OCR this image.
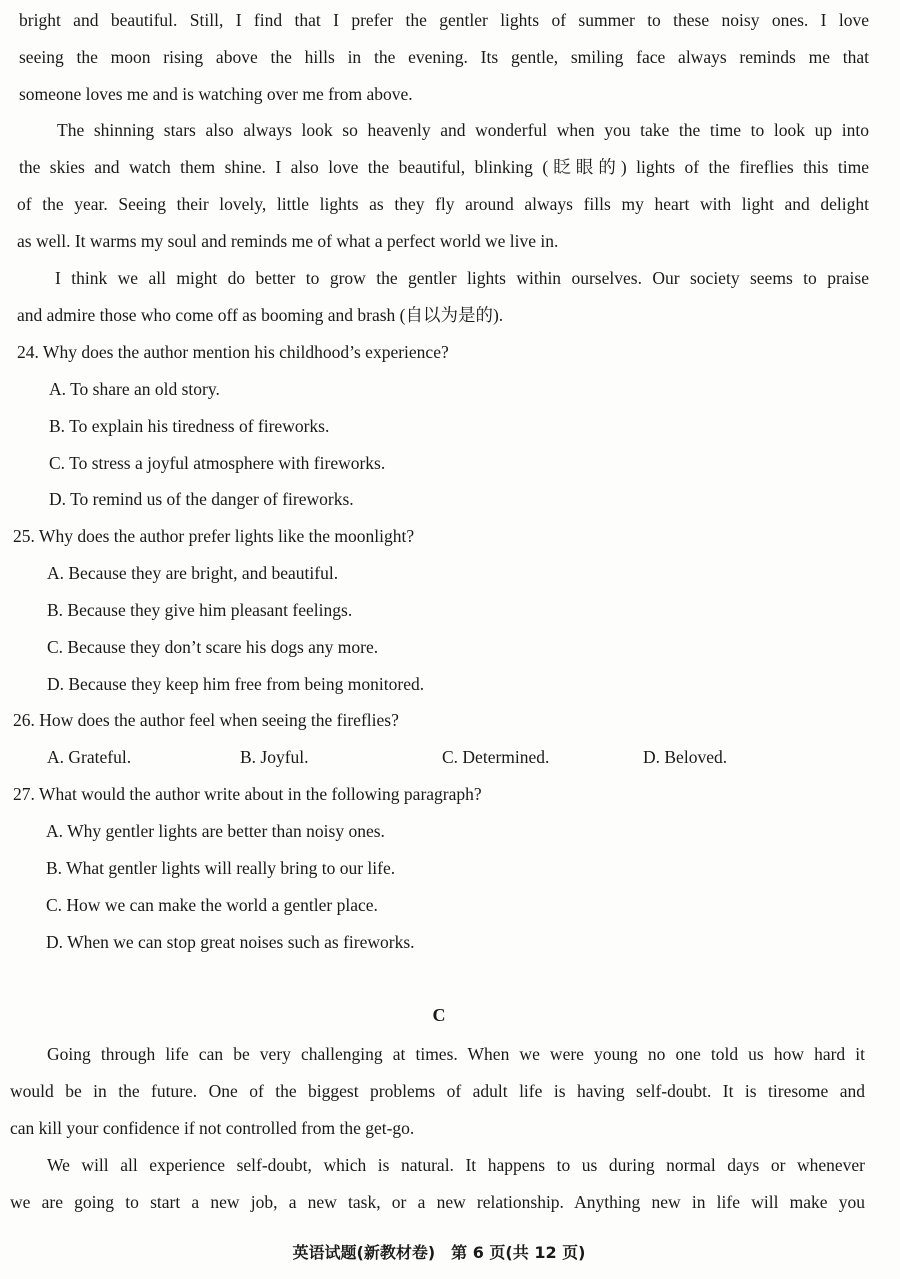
bright and beautiful. Still, I find that I prefer the gentler lights of summer to these noisy ones. I love
seeing the moon rising above the hills in the evening. Its gentle, smiling face always reminds me that
someone loves me and is watching over me from above.
The shinning stars also always look so heavenly and wonderful when you take the time to look up into
the skies and watch them shine. I also love the beautiful, blinking (眨眼的) lights of the fireflies this time
of the year. Seeing their lovely, little lights as they fly around always fills my heart with light and delight
as well. It warms my soul and reminds me of what a perfect world we live in.
I think we all might do better to grow the gentler lights within ourselves. Our society seems to praise
and admire those who come off as booming and brash (自以为是的).
24. Why does the author mention his childhood’s experience?
A. To share an old story.
B. To explain his tiredness of fireworks.
C. To stress a joyful atmosphere with fireworks.
D. To remind us of the danger of fireworks.
25. Why does the author prefer lights like the moonlight?
A. Because they are bright, and beautiful.
B. Because they give him pleasant feelings.
C. Because they don’t scare his dogs any more.
D. Because they keep him free from being monitored.
26. How does the author feel when seeing the fireflies?
A. Grateful.	B. Joyful.	C. Determined.	D. Beloved.
27. What would the author write about in the following paragraph?
A. Why gentler lights are better than noisy ones.
B. What gentler lights will really bring to our life.
C. How we can make the world a gentler place.
D. When we can stop great noises such as fireworks.
C
Going through life can be very challenging at times. When we were young no one told us how hard it
would be in the future. One of the biggest problems of adult life is having self-doubt. It is tiresome and
can kill your confidence if not controlled from the get-go.
We will all experience self-doubt, which is natural. It happens to us during normal days or whenever
we are going to start a new job, a new task, or a new relationship. Anything new in life will make you
英语试题(新教材卷)　第 6 页(共 12 页)
